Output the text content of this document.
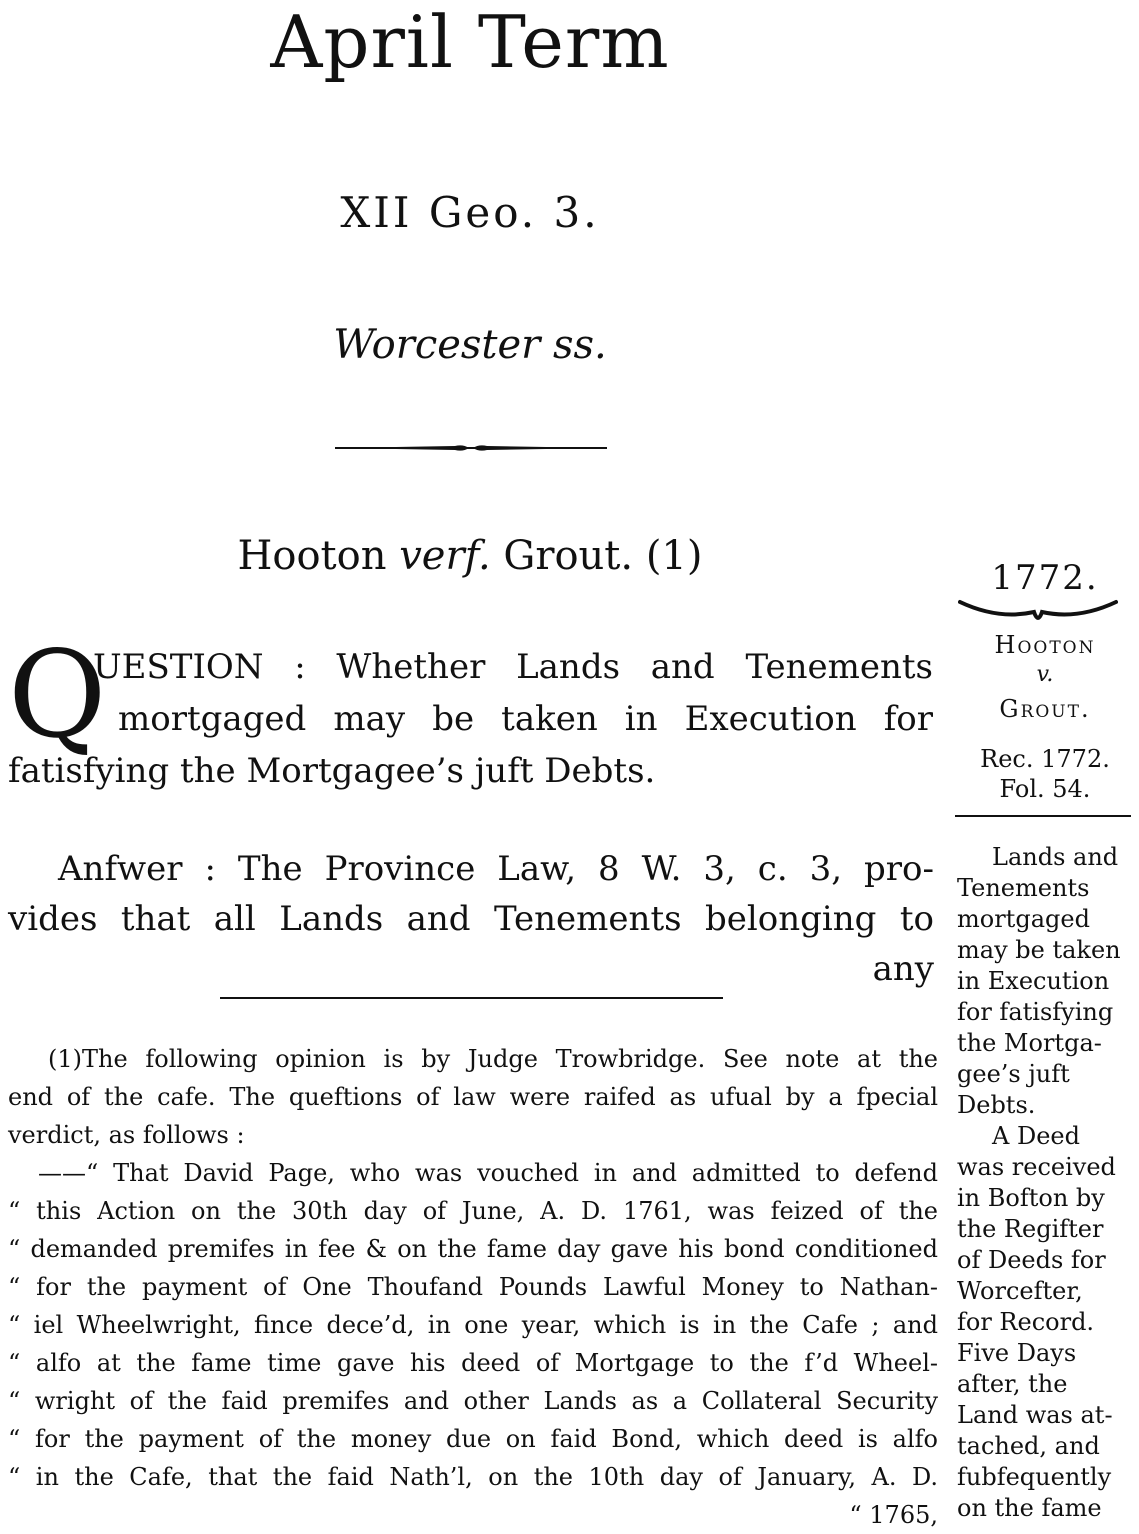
April Term
XII Geo. 3.
Worcester ss.
Hooton verf. Grout. (1)
Q
UESTION : Whether Lands and Tenements
mortgaged may be taken in Execution for
fatisfying the Mortgagee’s juft Debts.
Anfwer : The Province Law, 8 W. 3, c. 3, pro-
vides that all Lands and Tenements belonging to
any
(1)The following opinion is by Judge Trowbridge. See note at the
end of the cafe. The queftions of law were raifed as ufual by a fpecial
verdict, as follows :
——“ That David Page, who was vouched in and admitted to defend
“ this Action on the 30th day of June, A. D. 1761, was feized of the
“ demanded premifes in fee & on the fame day gave his bond conditioned
“ for the payment of One Thoufand Pounds Lawful Money to Nathan-
“ iel Wheelwright, fince dece’d, in one year, which is in the Cafe ; and
“ alfo at the fame time gave his deed of Mortgage to the f’d Wheel-
“ wright of the faid premifes and other Lands as a Collateral Security
“ for the payment of the money due on faid Bond, which deed is alfo
“ in the Cafe, that the faid Nath’l, on the 10th day of January, A. D.
“ 1765,
1772.
Hooton
v.
Grout.
Rec. 1772.
Fol. 54.
Lands and
Tenements
mortgaged
may be taken
in Execution
for fatisfying
the Mortga-
gee’s juft
Debts.
A Deed
was received
in Bofton by
the Regifter
of Deeds for
Worcefter,
for Record.
Five Days
after, the
Land was at-
tached, and
fubfequently
on the fame
